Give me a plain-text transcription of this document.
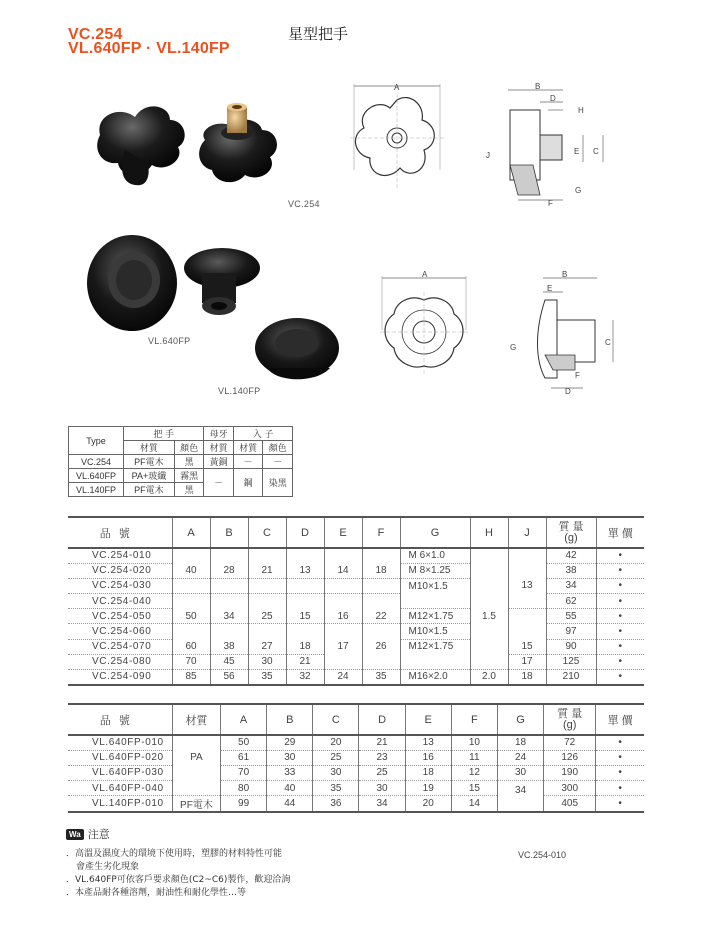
VC.254
VL.640FP · VL.140FP
星型把手
VC.254
VL.640FP
VL.140FP
A	B
D
H
C
E
J
G
F
A	B
E
C
G
F
D
Type	把 手		母牙	入 子	
	材質	顏色	材質	材質	顏色
VC.254	PF電木	黑	黃銅	－	－
VL.640FP	PA+玻纖	霧黑	－	鋼	染黑
VL.140FP	PF電木	黑			
品號	A	B	C	D	E	F	G	H	J	質 量
(g)	單 價
VC.254-010							M 6×1.0			42	•
VC.254-020	40	28	21	13	14	18	M 8×1.25			38	•
VC.254-030							M10×1.5		13	34	•
VC.254-040										62	•
VC.254-050	50	34	25	15	16	22	M12×1.75	1.5		55	•
VC.254-060							M10×1.5			97	•
VC.254-070	60	38	27	18	17	26	M12×1.75		15	90	•
VC.254-080	70	45	30	21					17	125	•
VC.254-090	85	56	35	32	24	35	M16×2.0	2.0	18	210	•
品號	材質	A	B	C	D	E	F	G	質 量
(g)	單 價
VL.640FP-010		50	29	20	21	13	10	18	72	•
VL.640FP-020	PA	61	30	25	23	16	11	24	126	•
VL.640FP-030		70	33	30	25	18	12	30	190	•
VL.640FP-040		80	40	35	30	19	15	34	300	•
VL.140FP-010	PF電木	99	44	36	34	20	14		405	•
Wa 注意
．高溫及濕度大的環境下使用時，塑膠的材料特性可能
會產生劣化現象
．VL.640FP可依客戶要求顏色(C2~C6)製作，歡迎洽詢
．本產品耐各種溶劑，耐油性和耐化學性…等
VC.254-010
